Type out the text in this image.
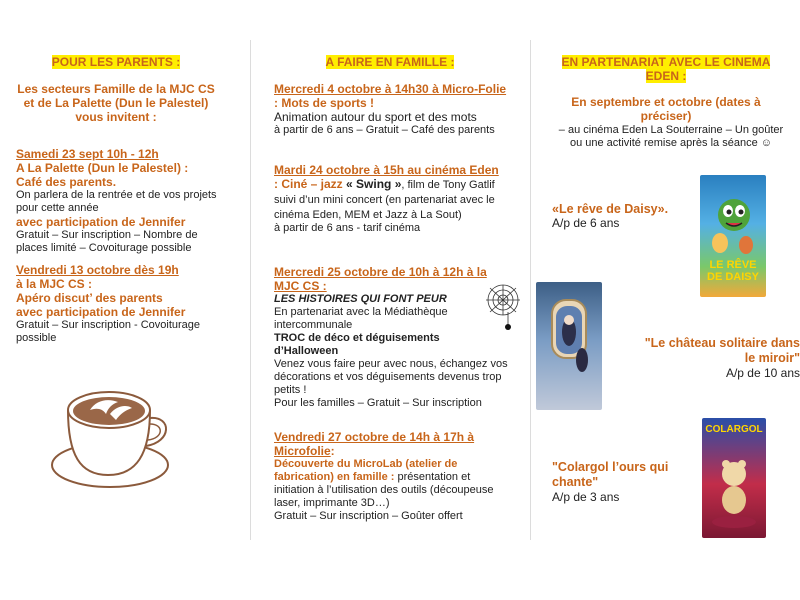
POUR LES PARENTS :
Les secteurs Famille de la MJC CS et de La Palette (Dun le Palestel) vous invitent :
Samedi 23 sept 10h - 12h
A La Palette (Dun le Palestel) :
Café des parents.
On parlera de la rentrée et de vos projets pour cette année
avec participation de Jennifer
Gratuit – Sur inscription – Nombre de places limité – Covoiturage possible
Vendredi 13 octobre dès 19h
à la MJC CS :
Apéro discut’ des parents
avec participation de Jennifer
Gratuit – Sur inscription - Covoiturage possible
A FAIRE EN FAMILLE :
Mercredi 4 octobre à 14h30 à Micro-Folie : Mots de sports !
Animation autour du sport et des mots
à partir de 6 ans – Gratuit – Café des parents
Mardi 24 octobre à 15h au cinéma Eden : Ciné – jazz « Swing », film de Tony Gatlif suivi d’un mini concert (en partenariat avec le cinéma Eden, MEM et Jazz à La Sout)
à partir de 6 ans - tarif cinéma
Mercredi 25 octobre de 10h à 12h à la MJC CS :
LES HISTOIRES QUI FONT PEUR
En partenariat avec la Médiathèque intercommunale
TROC de déco et déguisements d’Halloween
Venez vous faire peur avec nous, échangez vos décorations et vos déguisements devenus trop petits !
Pour les familles – Gratuit – Sur inscription
Vendredi 27 octobre de 14h à 17h à Microfolie:
Découverte du MicroLab (atelier de fabrication) en famille : présentation et initiation à l’utilisation des outils (découpeuse laser, imprimante 3D…)
Gratuit – Sur inscription – Goûter offert
EN PARTENARIAT AVEC LE CINEMA EDEN :
En septembre et octobre (dates à préciser)
– au cinéma Eden La Souterraine – Un goûter ou une activité remise après la séance ☺
LE RÊVE DE DAISY
«Le rêve de Daisy».
A/p de 6 ans
"Le château solitaire dans le miroir"
A/p de 10 ans
COLARGOL
"Colargol l’ours qui chante"
A/p de 3 ans
